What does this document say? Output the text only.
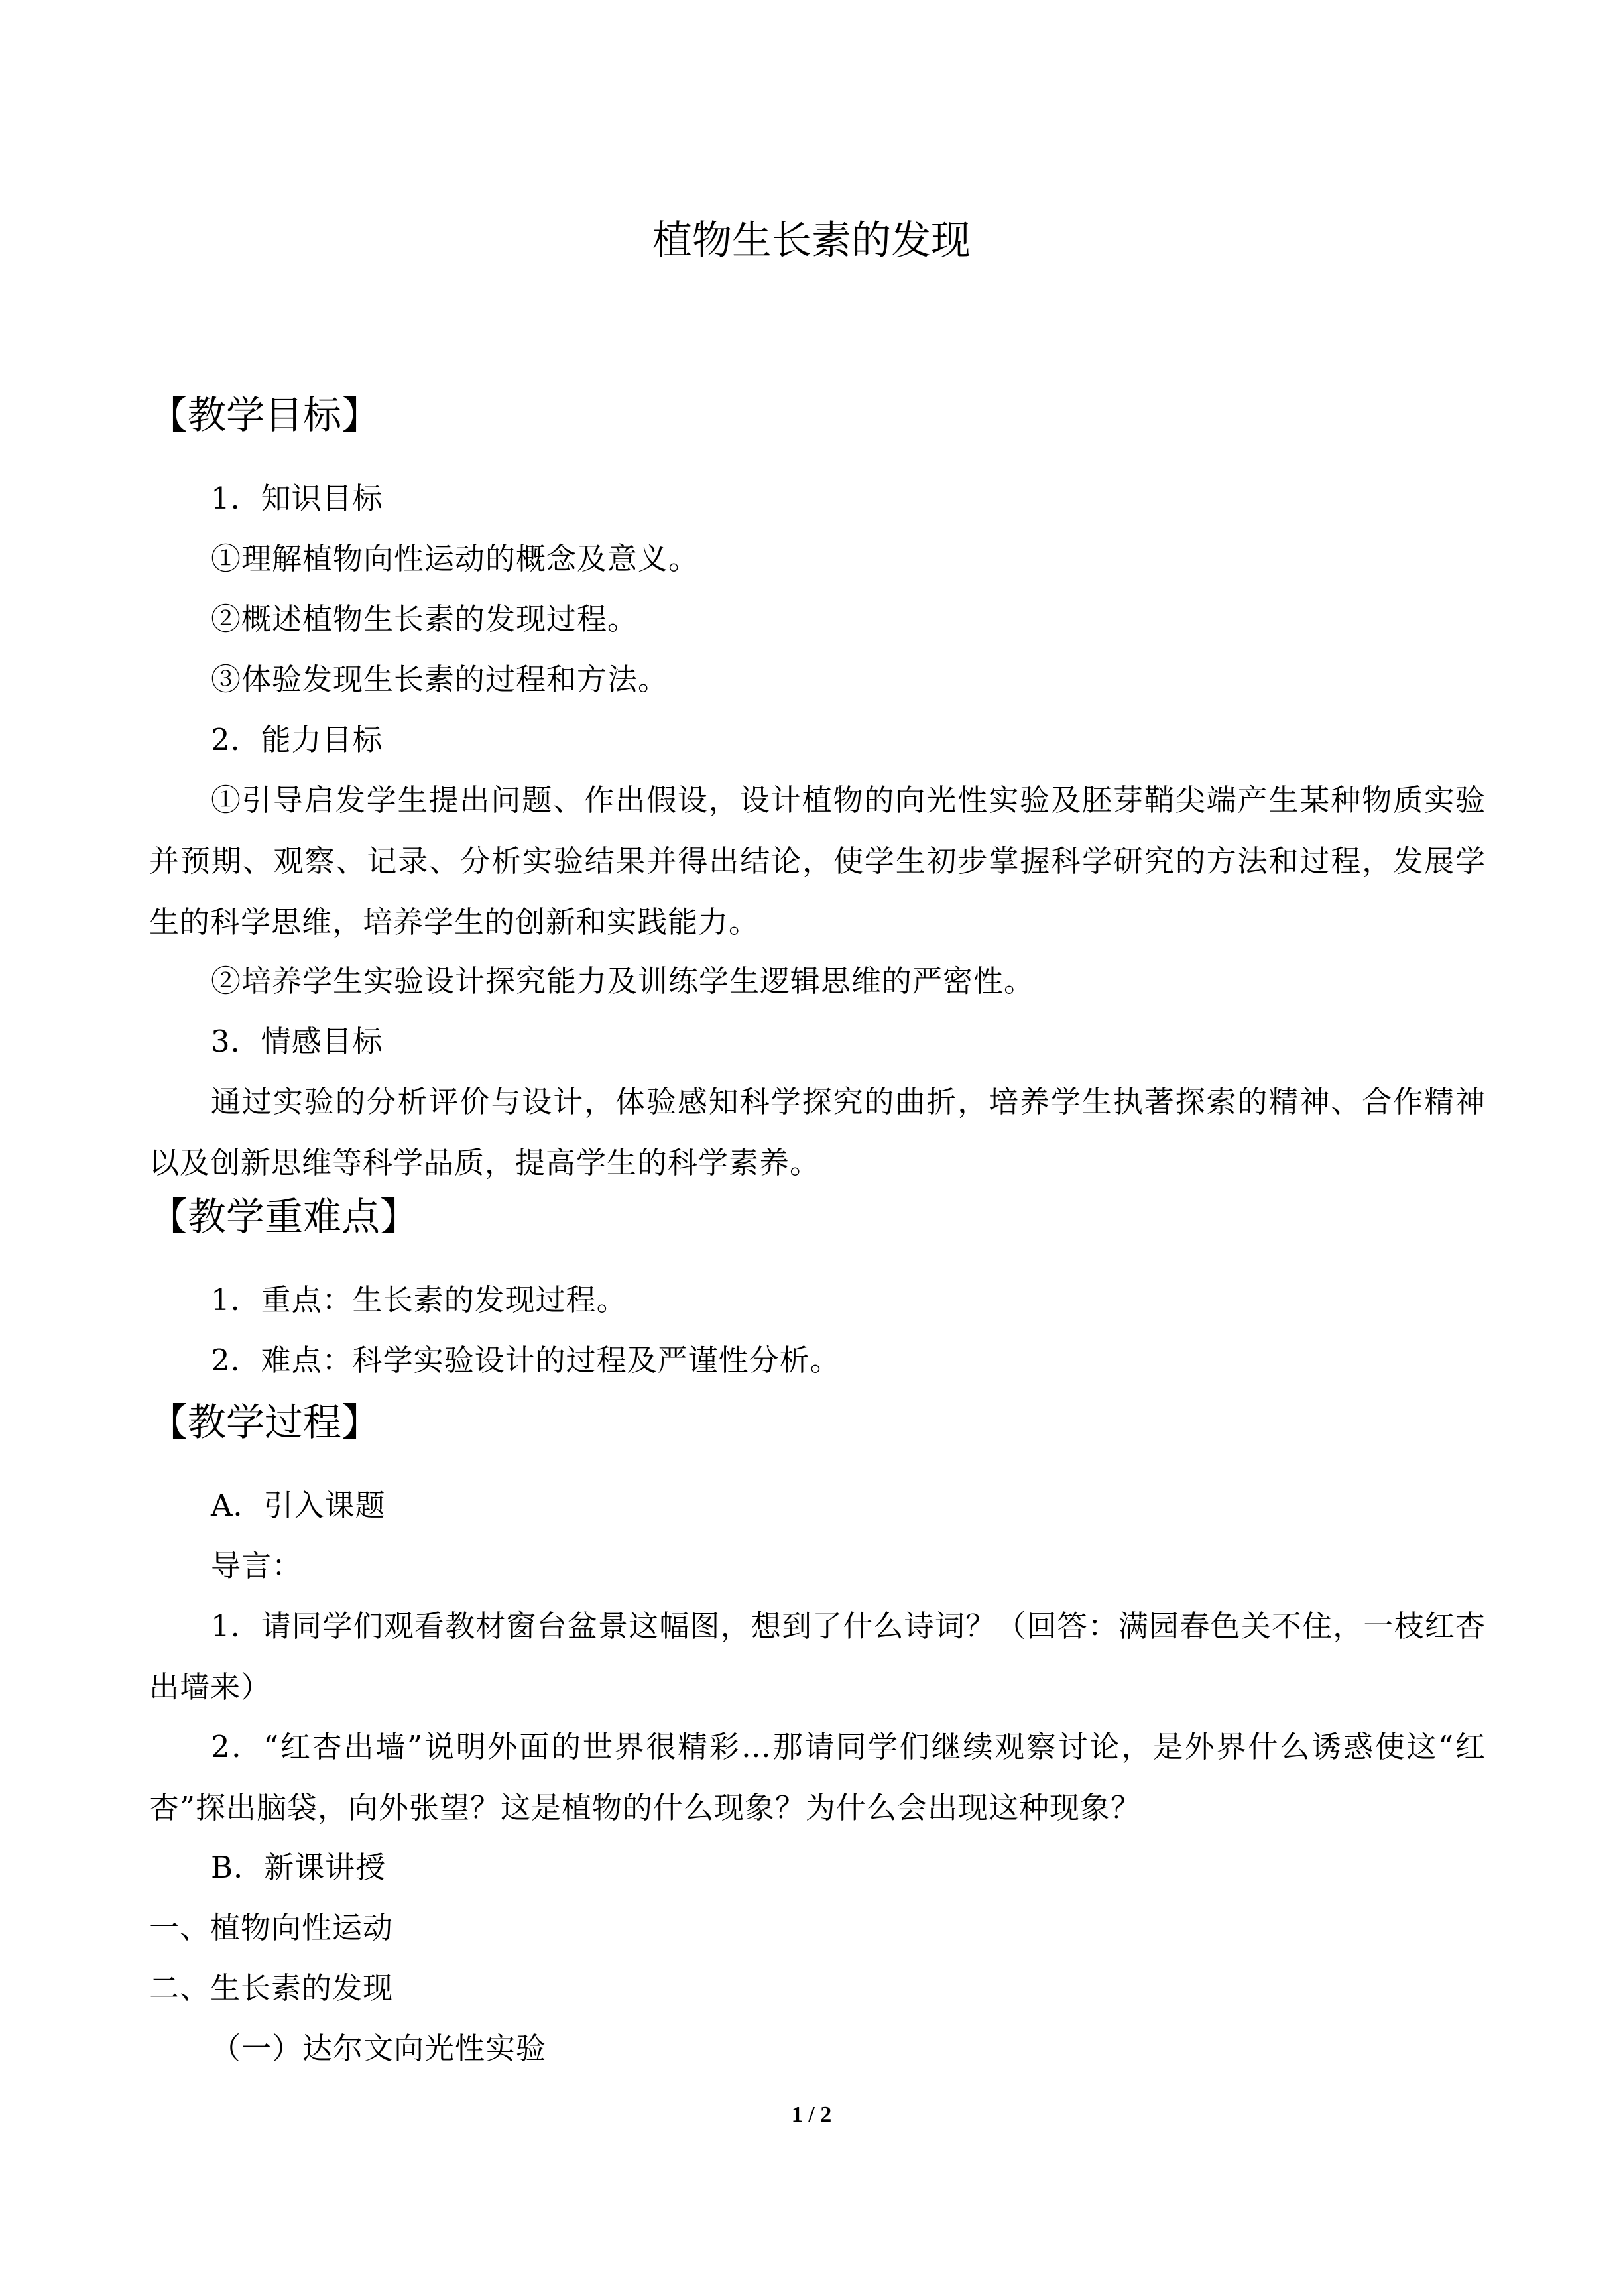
植物生长素的发现
【教学目标】
1．知识目标
①理解植物向性运动的概念及意义。
②概述植物生长素的发现过程。
③体验发现生长素的过程和方法。
2．能力目标
①引导启发学生提出问题、作出假设，设计植物的向光性实验及胚芽鞘尖端产生某种物质实验并预期、观察、记录、分析实验结果并得出结论，使学生初步掌握科学研究的方法和过程，发展学生的科学思维，培养学生的创新和实践能力。
②培养学生实验设计探究能力及训练学生逻辑思维的严密性。
3．情感目标
通过实验的分析评价与设计，体验感知科学探究的曲折，培养学生执著探索的精神、合作精神以及创新思维等科学品质，提高学生的科学素养。
【教学重难点】
1．重点：生长素的发现过程。
2．难点：科学实验设计的过程及严谨性分析。
【教学过程】
A．引入课题
导言：
1．请同学们观看教材窗台盆景这幅图，想到了什么诗词？（回答：满园春色关不住，一枝红杏出墙来）
2．“红杏出墙”说明外面的世界很精彩…那请同学们继续观察讨论，是外界什么诱惑使这“红杏”探出脑袋，向外张望？这是植物的什么现象？为什么会出现这种现象？
B．新课讲授
一、植物向性运动
二、生长素的发现
（一）达尔文向光性实验
1 / 2
